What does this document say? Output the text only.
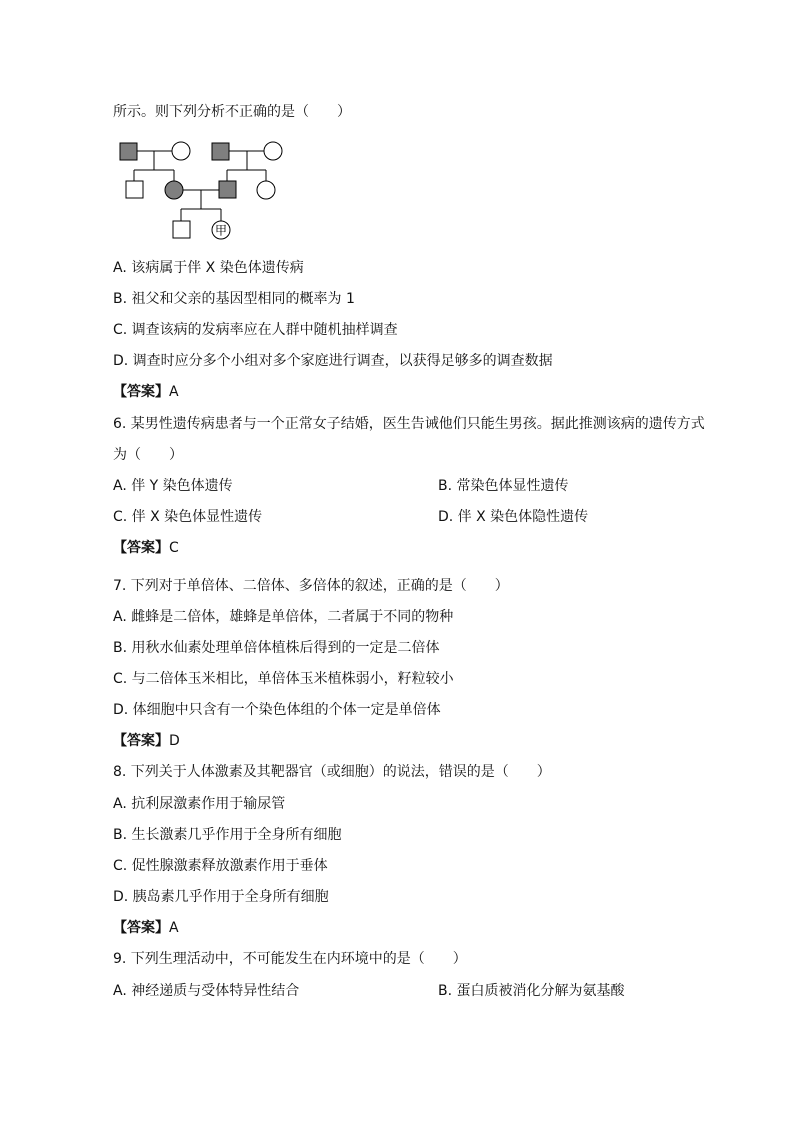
所示。则下列分析不正确的是（　　）
甲
A. 该病属于伴 X 染色体遗传病
B. 祖父和父亲的基因型相同的概率为 1
C. 调查该病的发病率应在人群中随机抽样调查
D. 调查时应分多个小组对多个家庭进行调查，以获得足够多的调查数据
【答案】A
6. 某男性遗传病患者与一个正常女子结婚，医生告诫他们只能生男孩。据此推测该病的遗传方式
为（　　）
A. 伴 Y 染色体遗传	B. 常染色体显性遗传
C. 伴 X 染色体显性遗传	D. 伴 X 染色体隐性遗传
【答案】C
7. 下列对于单倍体、二倍体、多倍体的叙述，正确的是（　　）
A. 雌蜂是二倍体，雄蜂是单倍体，二者属于不同的物种
B. 用秋水仙素处理单倍体植株后得到的一定是二倍体
C. 与二倍体玉米相比，单倍体玉米植株弱小，籽粒较小
D. 体细胞中只含有一个染色体组的个体一定是单倍体
【答案】D
8. 下列关于人体激素及其靶器官（或细胞）的说法，错误的是（　　）
A. 抗利尿激素作用于输尿管
B. 生长激素几乎作用于全身所有细胞
C. 促性腺激素释放激素作用于垂体
D. 胰岛素几乎作用于全身所有细胞
【答案】A
9. 下列生理活动中，不可能发生在内环境中的是（　　）
A. 神经递质与受体特异性结合	B. 蛋白质被消化分解为氨基酸
